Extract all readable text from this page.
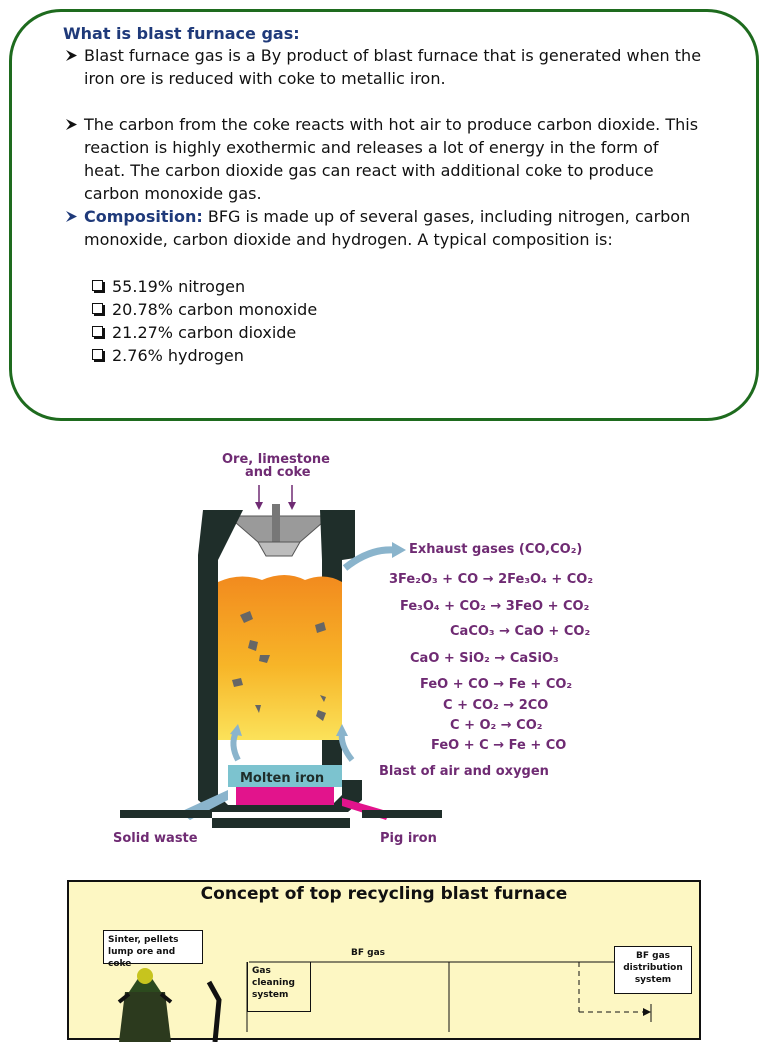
What is blast furnace gas:
Blast furnace gas is a By product of blast furnace that is generated when the iron ore is reduced with coke to metallic iron.
The carbon from the coke reacts with hot air to produce carbon dioxide. This reaction is highly exothermic and releases a lot of energy in the form of heat. The carbon dioxide gas can react with additional coke to produce carbon monoxide gas.
Composition: BFG is made up of several gases, including nitrogen, carbon monoxide, carbon dioxide and hydrogen. A typical composition is:
55.19% nitrogen
20.78% carbon monoxide
21.27% carbon dioxide
2.76% hydrogen
Ore, limestone
and coke
Exhaust gases (CO,CO₂)
3Fe₂O₃ + CO → 2Fe₃O₄ + CO₂
Fe₃O₄ + CO₂ → 3FeO + CO₂
CaCO₃ → CaO + CO₂
CaO + SiO₂ → CaSiO₃
FeO + CO → Fe + CO₂
C + CO₂ → 2CO
C + O₂ → CO₂
FeO + C → Fe + CO
Blast of air and oxygen
Molten iron
Solid waste	Pig iron
Concept of top recycling blast furnace
Sinter, pellets
lump ore and coke
BF gas
Gas
cleaning
system
BF gas
distribution
system
